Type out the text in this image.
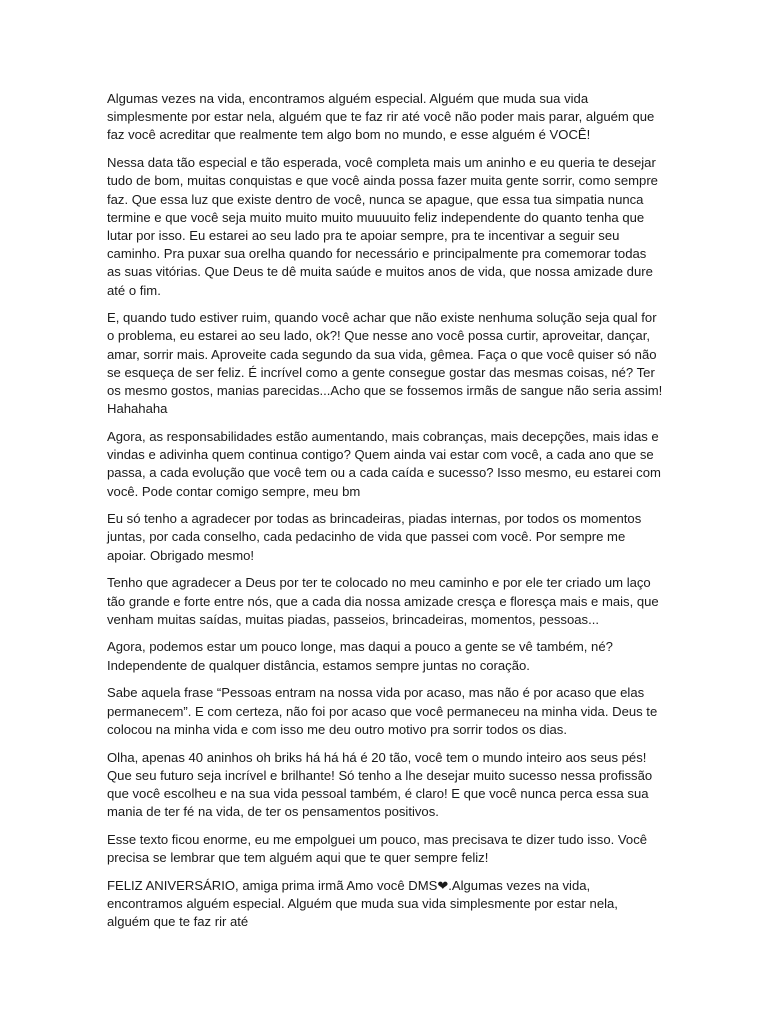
Algumas vezes na vida, encontramos alguém especial. Alguém que muda sua vida simplesmente por estar nela, alguém que te faz rir até você não poder mais parar, alguém que faz você acreditar que realmente tem algo bom no mundo, e esse alguém é VOCÊ!

Nessa data tão especial e tão esperada, você completa mais um aninho e eu queria te desejar tudo de bom, muitas conquistas e que você ainda possa fazer muita gente sorrir, como sempre faz. Que essa luz que existe dentro de você, nunca se apague, que essa tua simpatia nunca termine e que você seja muito muito muito muuuuito feliz independente do quanto tenha que lutar por isso. Eu estarei ao seu lado pra te apoiar sempre, pra te incentivar a seguir seu caminho. Pra puxar sua orelha quando for necessário e principalmente pra comemorar todas as suas vitórias. Que Deus te dê muita saúde e muitos anos de vida, que nossa amizade dure até o fim.

E, quando tudo estiver ruim, quando você achar que não existe nenhuma solução seja qual for o problema, eu estarei ao seu lado, ok?! Que nesse ano você possa curtir, aproveitar, dançar, amar, sorrir mais. Aproveite cada segundo da sua vida, gêmea. Faça o que você quiser só não se esqueça de ser feliz. É incrível como a gente consegue gostar das mesmas coisas, né? Ter os mesmo gostos, manias parecidas...Acho que se fossemos irmãs de sangue não seria assim! Hahahaha

Agora, as responsabilidades estão aumentando, mais cobranças, mais decepções, mais idas e vindas e adivinha quem continua contigo? Quem ainda vai estar com você, a cada ano que se passa, a cada evolução que você tem ou a cada caída e sucesso? Isso mesmo, eu estarei com você. Pode contar comigo sempre, meu bm

Eu só tenho a agradecer por todas as brincadeiras, piadas internas, por todos os momentos juntas, por cada conselho, cada pedacinho de vida que passei com você. Por sempre me apoiar. Obrigado mesmo!

Tenho que agradecer a Deus por ter te colocado no meu caminho e por ele ter criado um laço tão grande e forte entre nós, que a cada dia nossa amizade cresça e floresça mais e mais, que venham muitas saídas, muitas piadas, passeios, brincadeiras, momentos, pessoas...

Agora, podemos estar um pouco longe, mas daqui a pouco a gente se vê também, né? Independente de qualquer distância, estamos sempre juntas no coração.

Sabe aquela frase “Pessoas entram na nossa vida por acaso, mas não é por acaso que elas permanecem”. E com certeza, não foi por acaso que você permaneceu na minha vida. Deus te colocou na minha vida e com isso me deu outro motivo pra sorrir todos os dias.

Olha, apenas 40 aninhos oh briks há há há é 20 tão, você tem o mundo inteiro aos seus pés! Que seu futuro seja incrível e brilhante! Só tenho a lhe desejar muito sucesso nessa profissão que você escolheu e na sua vida pessoal também, é claro! E que você nunca perca essa sua mania de ter fé na vida, de ter os pensamentos positivos.

Esse texto ficou enorme, eu me empolguei um pouco, mas precisava te dizer tudo isso. Você precisa se lembrar que tem alguém aqui que te quer sempre feliz!

FELIZ ANIVERSÁRIO, amiga prima irmã Amo você DMS❤.Algumas vezes na vida, encontramos alguém especial. Alguém que muda sua vida simplesmente por estar nela, alguém que te faz rir até
